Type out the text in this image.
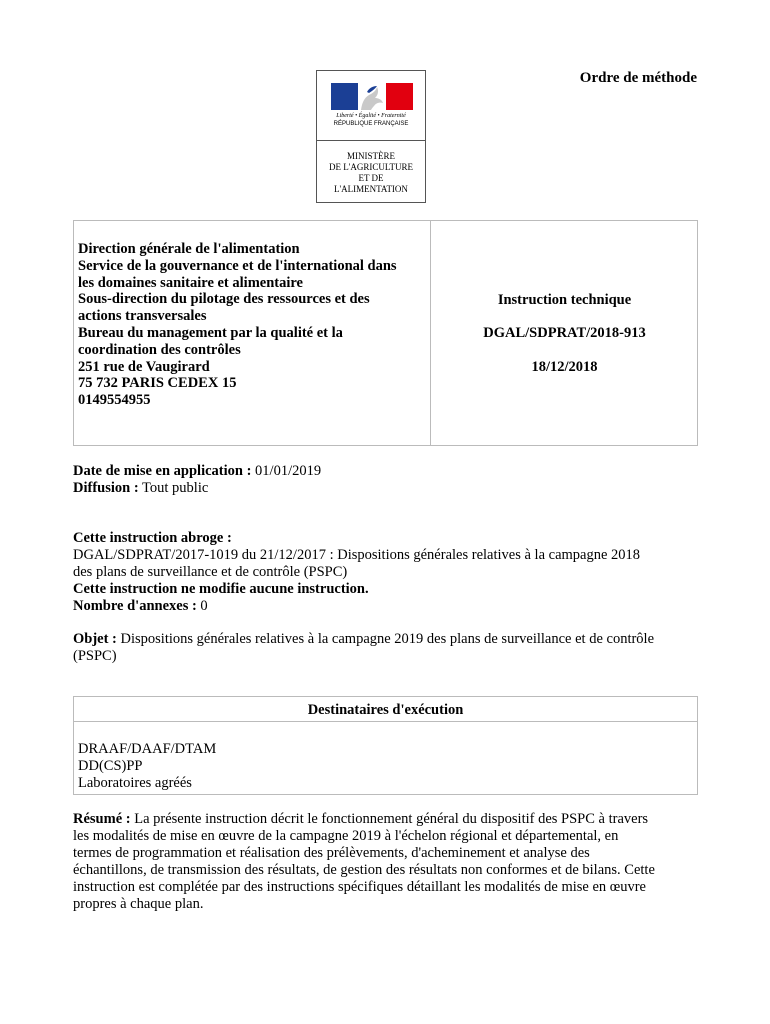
Liberté • Égalité • Fraternité
RÉPUBLIQUE FRANÇAISE
MINISTÈRE
DE L'AGRICULTURE
ET DE
L'ALIMENTATION
Ordre de méthode
Direction générale de l'alimentation
Service de la gouvernance et de l'international dans
les domaines sanitaire et alimentaire
Sous-direction du pilotage des ressources et des
actions transversales
Bureau du management par la qualité et la
coordination des contrôles
251 rue de Vaugirard
75 732 PARIS CEDEX 15
0149554955
Instruction technique
DGAL/SDPRAT/2018-913
18/12/2018
Date de mise en application : 01/01/2019
Diffusion : Tout public
Cette instruction abroge :
DGAL/SDPRAT/2017-1019 du 21/12/2017 : Dispositions générales relatives à la campagne 2018
des plans de surveillance et de contrôle (PSPC)
Cette instruction ne modifie aucune instruction.
Nombre d'annexes : 0
Objet : Dispositions générales relatives à la campagne 2019 des plans de surveillance et de contrôle
(PSPC)
Destinataires d'exécution
DRAAF/DAAF/DTAM
DD(CS)PP
Laboratoires agréés
Résumé : La présente instruction décrit le fonctionnement général du dispositif des PSPC à travers
les modalités de mise en œuvre de la campagne 2019 à l'échelon régional et départemental, en
termes de programmation et réalisation des prélèvements, d'acheminement et analyse des
échantillons, de transmission des résultats, de gestion des résultats non conformes et de bilans. Cette
instruction est complétée par des instructions spécifiques détaillant les modalités de mise en œuvre
propres à chaque plan.
